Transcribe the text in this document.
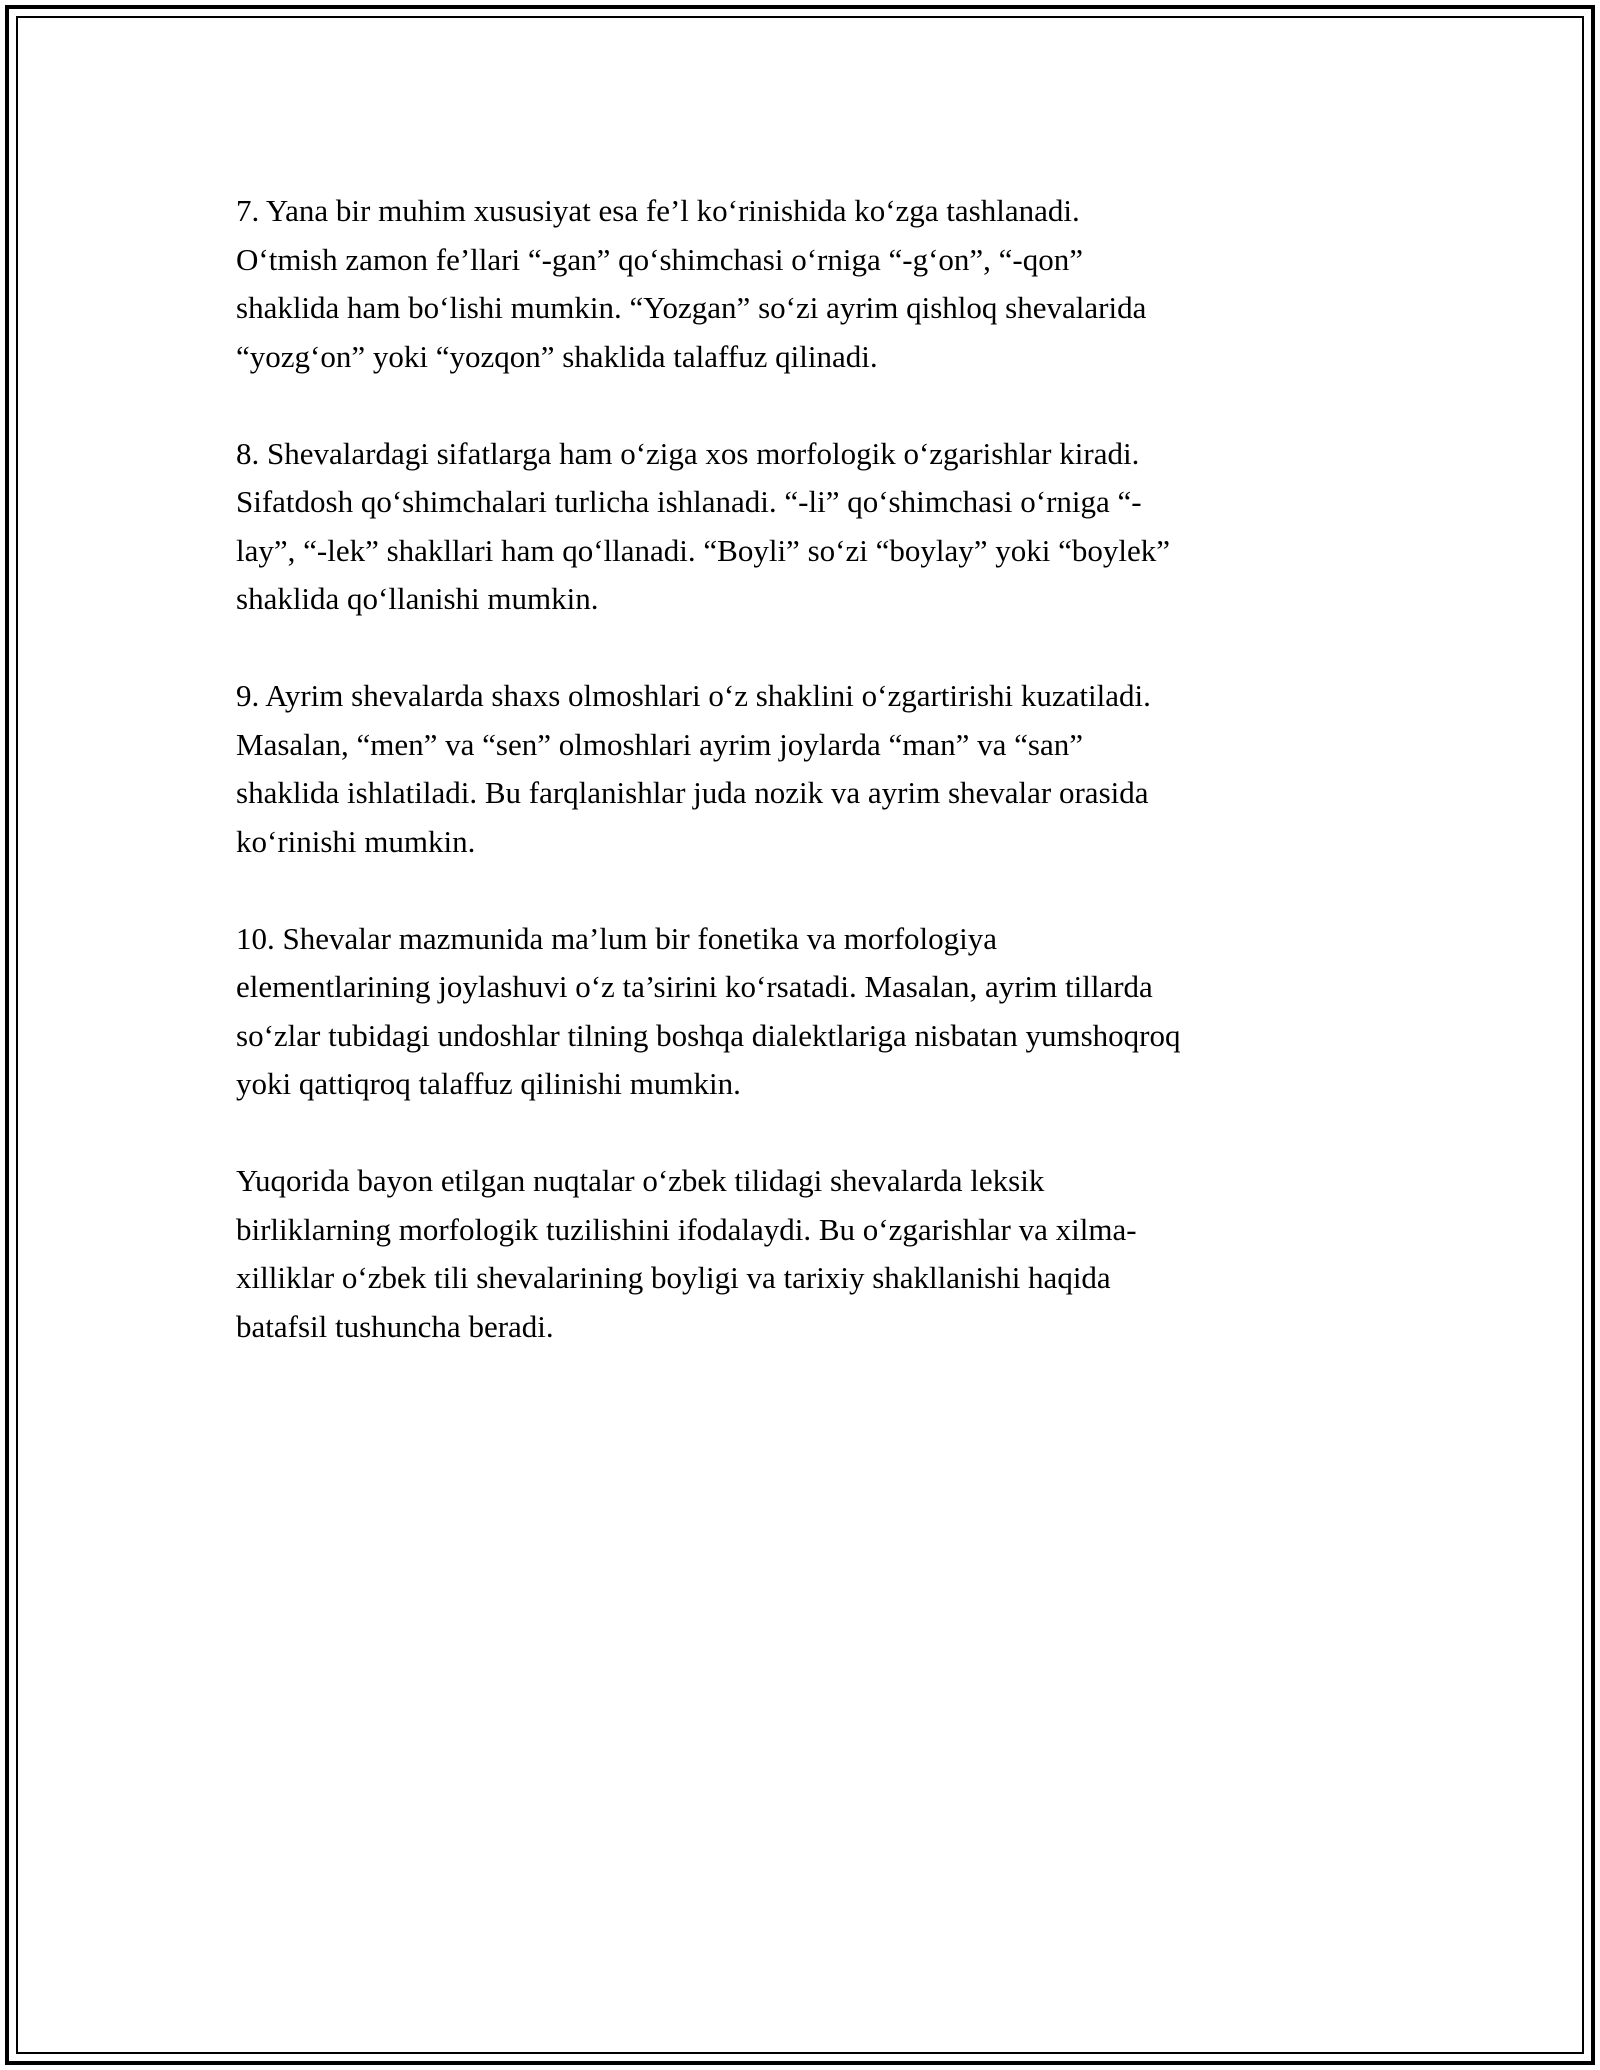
7. Yana bir muhim xususiyat esa fe’l ko‘rinishida ko‘zga tashlanadi.
O‘tmish zamon fe’llari “-gan” qo‘shimchasi o‘rniga “-g‘on”, “-qon”
shaklida ham bo‘lishi mumkin. “Yozgan” so‘zi ayrim qishloq shevalarida
“yozg‘on” yoki “yozqon” shaklida talaffuz qilinadi.

8. Shevalardagi sifatlarga ham o‘ziga xos morfologik o‘zgarishlar kiradi.
Sifatdosh qo‘shimchalari turlicha ishlanadi. “-li” qo‘shimchasi o‘rniga “-
lay”, “-lek” shakllari ham qo‘llanadi. “Boyli” so‘zi “boylay” yoki “boylek”
shaklida qo‘llanishi mumkin.

9. Ayrim shevalarda shaxs olmoshlari o‘z shaklini o‘zgartirishi kuzatiladi.
Masalan, “men” va “sen” olmoshlari ayrim joylarda “man” va “san”
shaklida ishlatiladi. Bu farqlanishlar juda nozik va ayrim shevalar orasida
ko‘rinishi mumkin.

10. Shevalar mazmunida ma’lum bir fonetika va morfologiya
elementlarining joylashuvi o‘z ta’sirini ko‘rsatadi. Masalan, ayrim tillarda
so‘zlar tubidagi undoshlar tilning boshqa dialektlariga nisbatan yumshoqroq
yoki qattiqroq talaffuz qilinishi mumkin.

Yuqorida bayon etilgan nuqtalar o‘zbek tilidagi shevalarda leksik
birliklarning morfologik tuzilishini ifodalaydi. Bu o‘zgarishlar va xilma-
xilliklar o‘zbek tili shevalarining boyligi va tarixiy shakllanishi haqida
batafsil tushuncha beradi.
